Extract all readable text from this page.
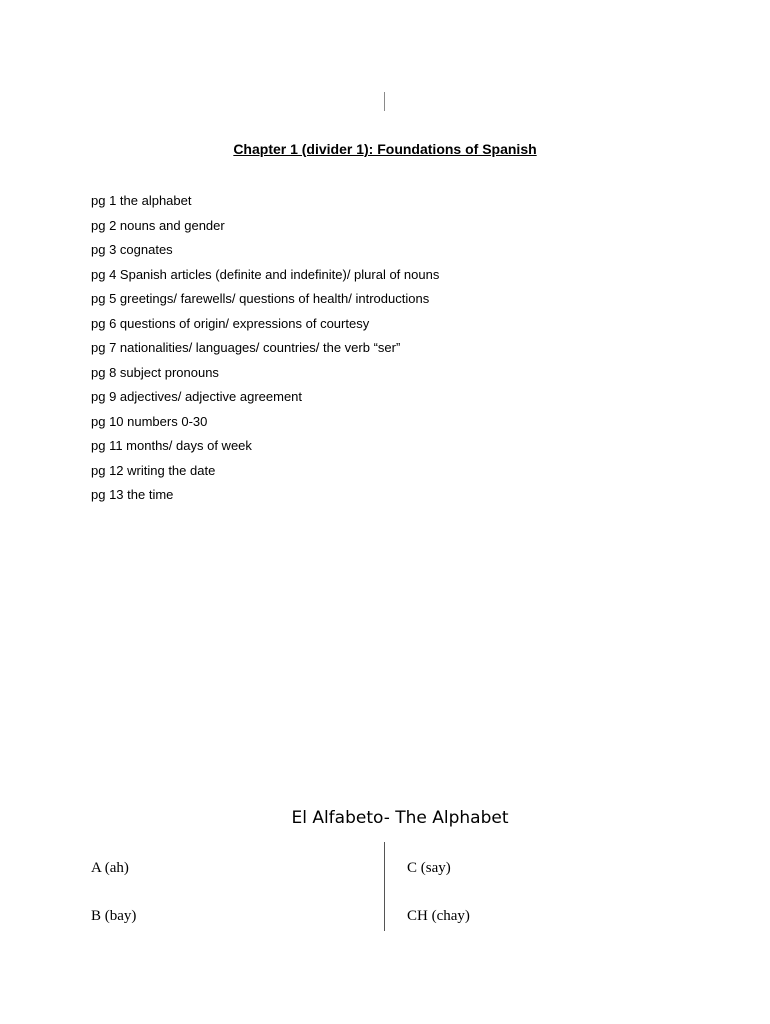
Chapter 1 (divider 1): Foundations of Spanish
pg 1 the alphabet
pg 2 nouns and gender
pg 3 cognates
pg 4 Spanish articles (definite and indefinite)/ plural of nouns
pg 5 greetings/ farewells/ questions of health/ introductions
pg 6 questions of origin/ expressions of courtesy
pg 7 nationalities/ languages/ countries/ the verb “ser”
pg 8 subject pronouns
pg 9 adjectives/ adjective agreement
pg 10 numbers 0-30
pg 11 months/ days of week
pg 12 writing the date
pg 13 the time
El Alfabeto- The Alphabet
A (ah)
B (bay)
C (say)
CH (chay)
